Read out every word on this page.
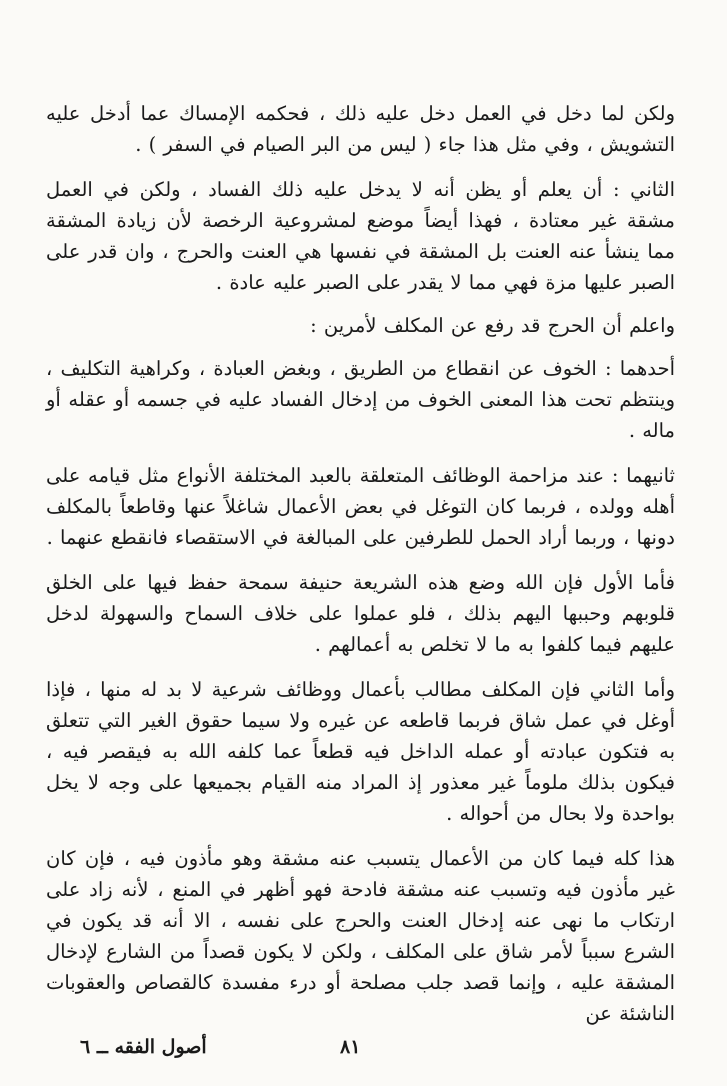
ولكن لما دخل في العمل دخل عليه ذلك ، فحكمه الإمساك عما أدخل عليه التشويش ، وفي مثل هذا جاء ( ليس من البر الصيام في السفر ) .

الثاني : أن يعلم أو يظن أنه لا يدخل عليه ذلك الفساد ، ولكن في العمل مشقة غير معتادة ، فهذا أيضاً موضع لمشروعية الرخصة لأن زيادة المشقة مما ينشأ عنه العنت بل المشقة في نفسها هي العنت والحرج ، وان قدر على الصبر عليها مزة فهي مما لا يقدر على الصبر عليه عادة .

واعلم أن الحرج قد رفع عن المكلف لأمرين :

أحدهما : الخوف عن انقطاع من الطريق ، وبغض العبادة ، وكراهية التكليف ، وينتظم تحت هذا المعنى الخوف من إدخال الفساد عليه في جسمه أو عقله أو ماله .

ثانيهما : عند مزاحمة الوظائف المتعلقة بالعبد المختلفة الأنواع مثل قيامه على أهله وولده ، فربما كان التوغل في بعض الأعمال شاغلاً عنها وقاطعاً بالمكلف دونها ، وربما أراد الحمل للطرفين على المبالغة في الاستقصاء فانقطع عنهما .

فأما الأول فإن الله وضع هذه الشريعة حنيفة سمحة حفظ فيها على الخلق قلوبهم وحببها اليهم بذلك ، فلو عملوا على خلاف السماح والسهولة لدخل عليهم فيما كلفوا به ما لا تخلص به أعمالهم .

وأما الثاني فإن المكلف مطالب بأعمال ووظائف شرعية لا بد له منها ، فإذا أوغل في عمل شاق فربما قاطعه عن غيره ولا سيما حقوق الغير التي تتعلق به فتكون عبادته أو عمله الداخل فيه قطعاً عما كلفه الله به فيقصر فيه ، فيكون بذلك ملوماً غير معذور إذ المراد منه القيام بجميعها على وجه لا يخل بواحدة ولا بحال من أحواله .

هذا كله فيما كان من الأعمال يتسبب عنه مشقة وهو مأذون فيه ، فإن كان غير مأذون فيه وتسبب عنه مشقة فادحة فهو أظهر في المنع ، لأنه زاد على ارتكاب ما نهى عنه إدخال العنت والحرج على نفسه ، الا أنه قد يكون في الشرع سبباً لأمر شاق على المكلف ، ولكن لا يكون قصداً من الشارع لإدخال المشقة عليه ، وإنما قصد جلب مصلحة أو درء مفسدة كالقصاص والعقوبات الناشئة عن

أصول الفقه ــ ٦	٨١
